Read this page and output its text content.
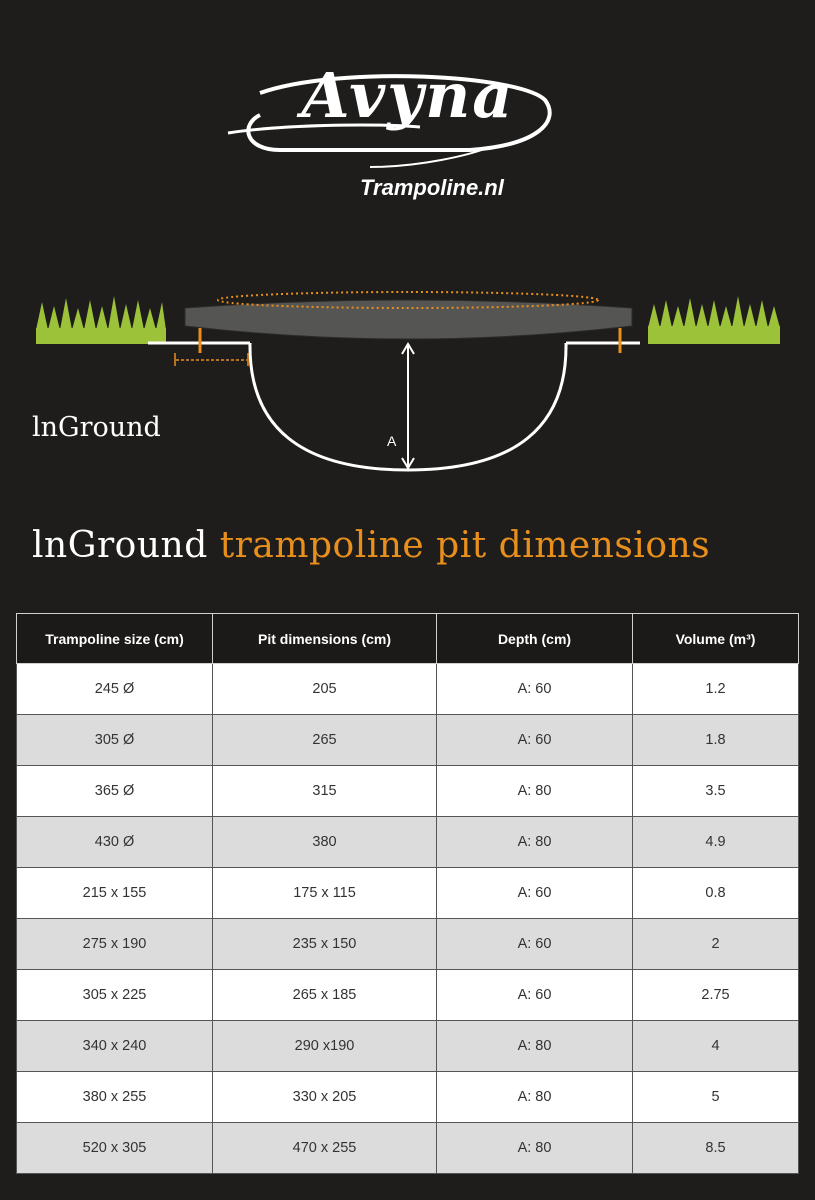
Avyna
Trampoline.nl
A
lnGround
lnGround trampoline pit dimensions
Trampoline size (cm)	Pit dimensions (cm)	Depth (cm)	Volume (m³)
245 Ø	205	A: 60	1.2
305 Ø	265	A: 60	1.8
365 Ø	315	A: 80	3.5
430 Ø	380	A: 80	4.9
215 x 155	175 x 115	A: 60	0.8
275 x 190	235 x 150	A: 60	2
305 x 225	265 x 185	A: 60	2.75
340 x 240	290 x190	A: 80	4
380 x 255	330 x 205	A: 80	5
520 x 305	470 x 255	A: 80	8.5
